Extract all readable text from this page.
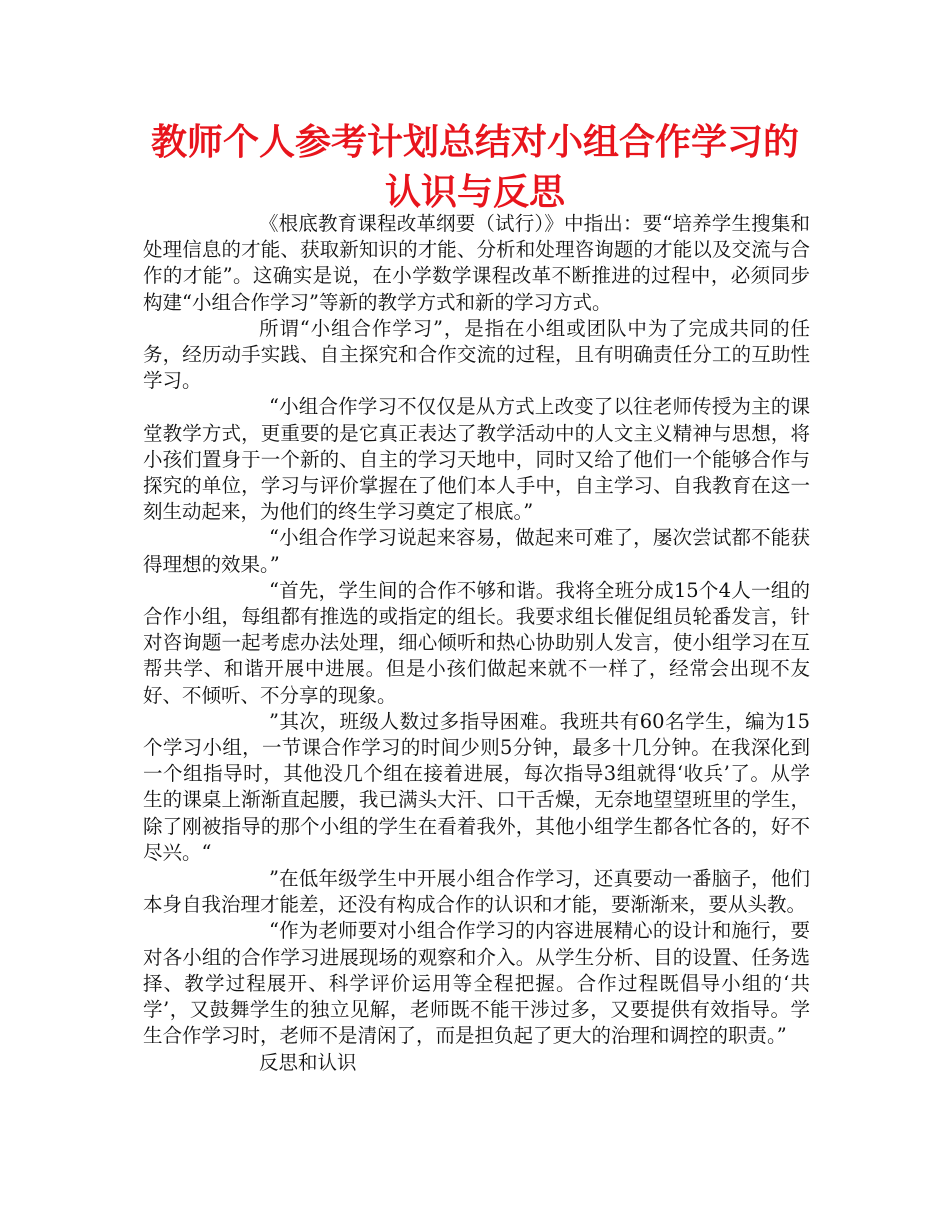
教师个人参考计划总结对小组合作学习的认识与反思

《根底教育课程改革纲要（试行）》中指出：要“培养学生搜集和处理信息的才能、获取新知识的才能、分析和处理咨询题的才能以及交流与合作的才能”。这确实是说，在小学数学课程改革不断推进的过程中，必须同步构建“小组合作学习”等新的教学方式和新的学习方式。

所谓“小组合作学习”，是指在小组或团队中为了完成共同的任务，经历动手实践、自主探究和合作交流的过程，且有明确责任分工的互助性学习。

“小组合作学习不仅仅是从方式上改变了以往老师传授为主的课堂教学方式，更重要的是它真正表达了教学活动中的人文主义精神与思想，将小孩们置身于一个新的、自主的学习天地中，同时又给了他们一个能够合作与探究的单位，学习与评价掌握在了他们本人手中，自主学习、自我教育在这一刻生动起来，为他们的终生学习奠定了根底。”

“小组合作学习说起来容易，做起来可难了，屡次尝试都不能获得理想的效果。”

“首先，学生间的合作不够和谐。我将全班分成15个4人一组的合作小组，每组都有推选的或指定的组长。我要求组长催促组员轮番发言，针对咨询题一起考虑办法处理，细心倾听和热心协助别人发言，使小组学习在互帮共学、和谐开展中进展。但是小孩们做起来就不一样了，经常会出现不友好、不倾听、不分享的现象。

”其次，班级人数过多指导困难。我班共有60名学生，编为15个学习小组，一节课合作学习的时间少则5分钟，最多十几分钟。在我深化到一个组指导时，其他没几个组在接着进展，每次指导3组就得‘收兵’了。从学生的课桌上渐渐直起腰，我已满头大汗、口干舌燥，无奈地望望班里的学生，除了刚被指导的那个小组的学生在看着我外，其他小组学生都各忙各的，好不尽兴。“

”在低年级学生中开展小组合作学习，还真要动一番脑子，他们本身自我治理才能差，还没有构成合作的认识和才能，要渐渐来，要从头教。

“作为老师要对小组合作学习的内容进展精心的设计和施行，要对各小组的合作学习进展现场的观察和介入。从学生分析、目的设置、任务选择、教学过程展开、科学评价运用等全程把握。合作过程既倡导小组的‘共学’，又鼓舞学生的独立见解，老师既不能干涉过多，又要提供有效指导。学生合作学习时，老师不是清闲了，而是担负起了更大的治理和调控的职责。”

反思和认识
